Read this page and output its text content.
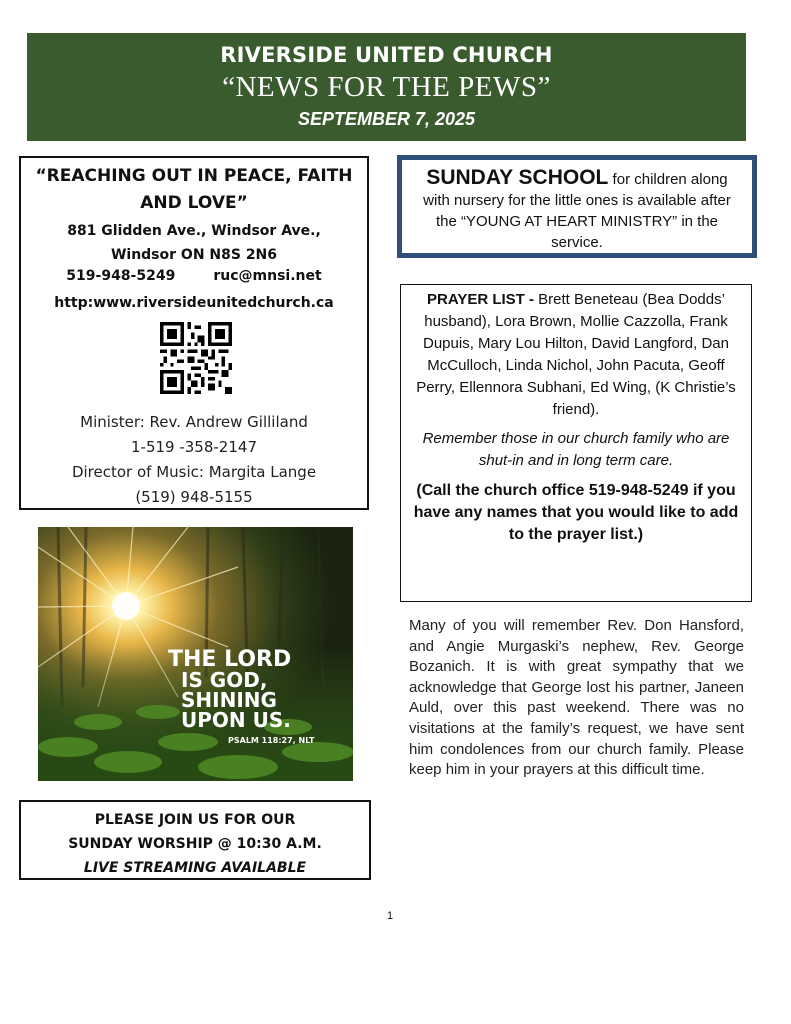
RIVERSIDE UNITED CHURCH
“NEWS FOR THE PEWS”
SEPTEMBER 7, 2025
“REACHING OUT IN PEACE, FAITH AND LOVE”
881 Glidden Ave., Windsor Ave.,
Windsor ON N8S 2N6
519-948-5249	ruc@mnsi.net
http:www.riversideunitedchurch.ca
Minister: Rev. Andrew Gilliland
1-519 -358-2147
Director of Music: Margita Lange
(519) 948-5155
SUNDAY SCHOOL for children along with nursery for the little ones is available after the “YOUNG AT HEART MINISTRY” in the service.
PRAYER LIST - Brett Beneteau (Bea Dodds’ husband), Lora Brown, Mollie Cazzolla, Frank Dupuis, Mary Lou Hilton, David Langford, Dan McCulloch, Linda Nichol, John Pacuta, Geoff Perry, Ellennora Subhani, Ed Wing, (K Christie’s friend).
Remember those in our church family who are shut-in and in long term care.
(Call the church office 519-948-5249 if you have any names that you would like to add to the prayer list.)
Many of you will remember Rev. Don Hansford, and Angie Murgaski’s nephew, Rev. George Bozanich. It is with great sympathy that we acknowledge that George lost his partner, Janeen Auld, over this past weekend. There was no visitations at the family’s request, we have sent him condolences from our church family. Please keep him in your prayers at this difficult time.
THE LORD
IS GOD,
SHINING
UPON US.
PSALM 118:27, NLT
PLEASE JOIN US FOR OUR
SUNDAY WORSHIP @ 10:30 A.M.
LIVE STREAMING AVAILABLE
1
